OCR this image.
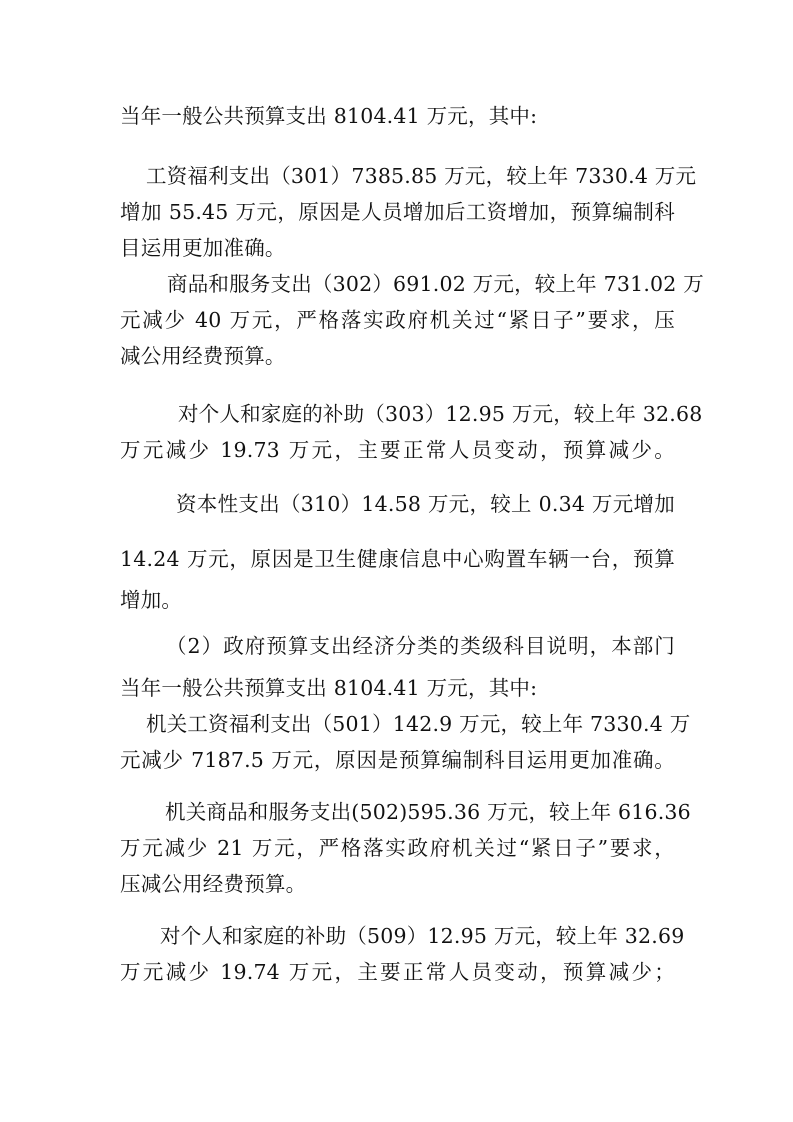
当年一般公共预算支出 8104.41 万元，其中:
工资福利支出（301）7385.85 万元，较上年 7330.4 万元
增加 55.45 万元，原因是人员增加后工资增加，预算编制科
目运用更加准确。
商品和服务支出（302）691.02 万元，较上年 731.02 万
元减少 40 万元，严格落实政府机关过“紧日子”要求，压
减公用经费预算。
对个人和家庭的补助（303）12.95 万元，较上年 32.68
万元减少 19.73 万元，主要正常人员变动，预算减少。
资本性支出（310）14.58 万元，较上 0.34 万元增加
14.24 万元，原因是卫生健康信息中心购置车辆一台，预算
增加。
（2）政府预算支出经济分类的类级科目说明，本部门
当年一般公共预算支出 8104.41 万元，其中:
机关工资福利支出（501）142.9 万元，较上年 7330.4 万
元减少 7187.5 万元，原因是预算编制科目运用更加准确。
机关商品和服务支出(502)595.36 万元，较上年 616.36
万元减少 21 万元，严格落实政府机关过“紧日子”要求，
压减公用经费预算。
对个人和家庭的补助（509）12.95 万元，较上年 32.69
万元减少 19.74 万元，主要正常人员变动，预算减少；
